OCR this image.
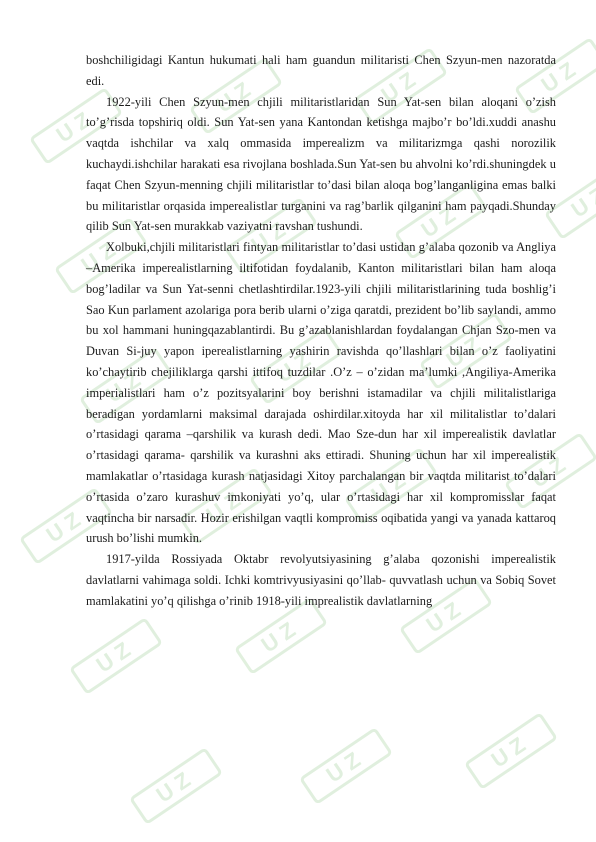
UZ
UZ
UZ
UZ
UZ
UZ
UZ
UZ
UZ
UZ
UZ
UZ
UZ
UZ
UZ
UZ
UZ
UZ
UZ
UZ
UZ

boshchiligidagi Kantun hukumati hali ham guandun militaristi Chen Szyun-men nazoratda edi.

1922-yili Chen Szyun-men chjili militaristlaridan Sun Yat-sen bilan aloqani o’zish to’g’risda topshiriq oldi. Sun Yat-sen yana Kantondan ketishga majbo’r bo’ldi.xuddi anashu vaqtda ishchilar va xalq ommasida imperealizm va militarizmga qashi norozilik kuchaydi.ishchilar harakati esa rivojlana boshlada.Sun Yat-sen bu ahvolni ko’rdi.shuningdek u faqat Chen Szyun-menning chjili militaristlar to’dasi bilan aloqa bog’langanligina emas balki bu militaristlar orqasida imperealistlar turganini va rag’barlik qilganini ham payqadi.Shunday qilib Sun Yat-sen murakkab vaziyatni ravshan tushundi.

Xolbuki,chjili militaristlari fintyan militaristlar to’dasi ustidan g’alaba qozonib va Angliya –Amerika imperealistlarning iltifotidan foydalanib, Kanton militaristlari bilan ham aloqa bog’ladilar va Sun Yat-senni chetlashtirdilar.1923-yili chjili militaristlarining tuda boshlig’i Sao Kun parlament azolariga pora berib ularni o’ziga qaratdi, prezident bo’lib saylandi, ammo bu xol hammani huningqazablantirdi. Bu g’azablanishlardan foydalangan Chjan Szo-men va Duvan Si-juy yapon iperealistlarning yashirin ravishda qo’llashlari bilan o’z faoliyatini ko’chaytirib chejiliklarga qarshi ittifoq tuzdilar .O’z – o’zidan ma’lumki ,Angiliya-Amerika imperialistlari ham o’z pozitsyalarini boy berishni istamadilar va chjili militalistlariga beradigan yordamlarni maksimal darajada oshirdilar.xitoyda har xil militalistlar to’dalari o’rtasidagi qarama –qarshilik va kurash dedi. Mao Sze-dun har xil imperealistik davlatlar o’rtasidagi qarama- qarshilik va kurashni aks ettiradi. Shuning uchun har xil imperealistik mamlakatlar o’rtasidaga kurash natjasidagi Xitoy parchalangan bir vaqtda militarist to’dalari o’rtasida o’zaro kurashuv imkoniyati yo’q, ular o’rtasidagi har xil kompromisslar faqat vaqtincha bir narsadir. Hozir erishilgan vaqtli kompromiss oqibatida yangi va yanada kattaroq urush bo’lishi mumkin.

1917-yilda Rossiyada Oktabr revolyutsiyasining g’alaba qozonishi imperealistik davlatlarni vahimaga soldi. Ichki komtrivyusiyasini qo’llab- quvvatlash uchun va Sobiq Sovet mamlakatini yo’q qilishga o’rinib 1918-yili imprealistik davlatlarning
